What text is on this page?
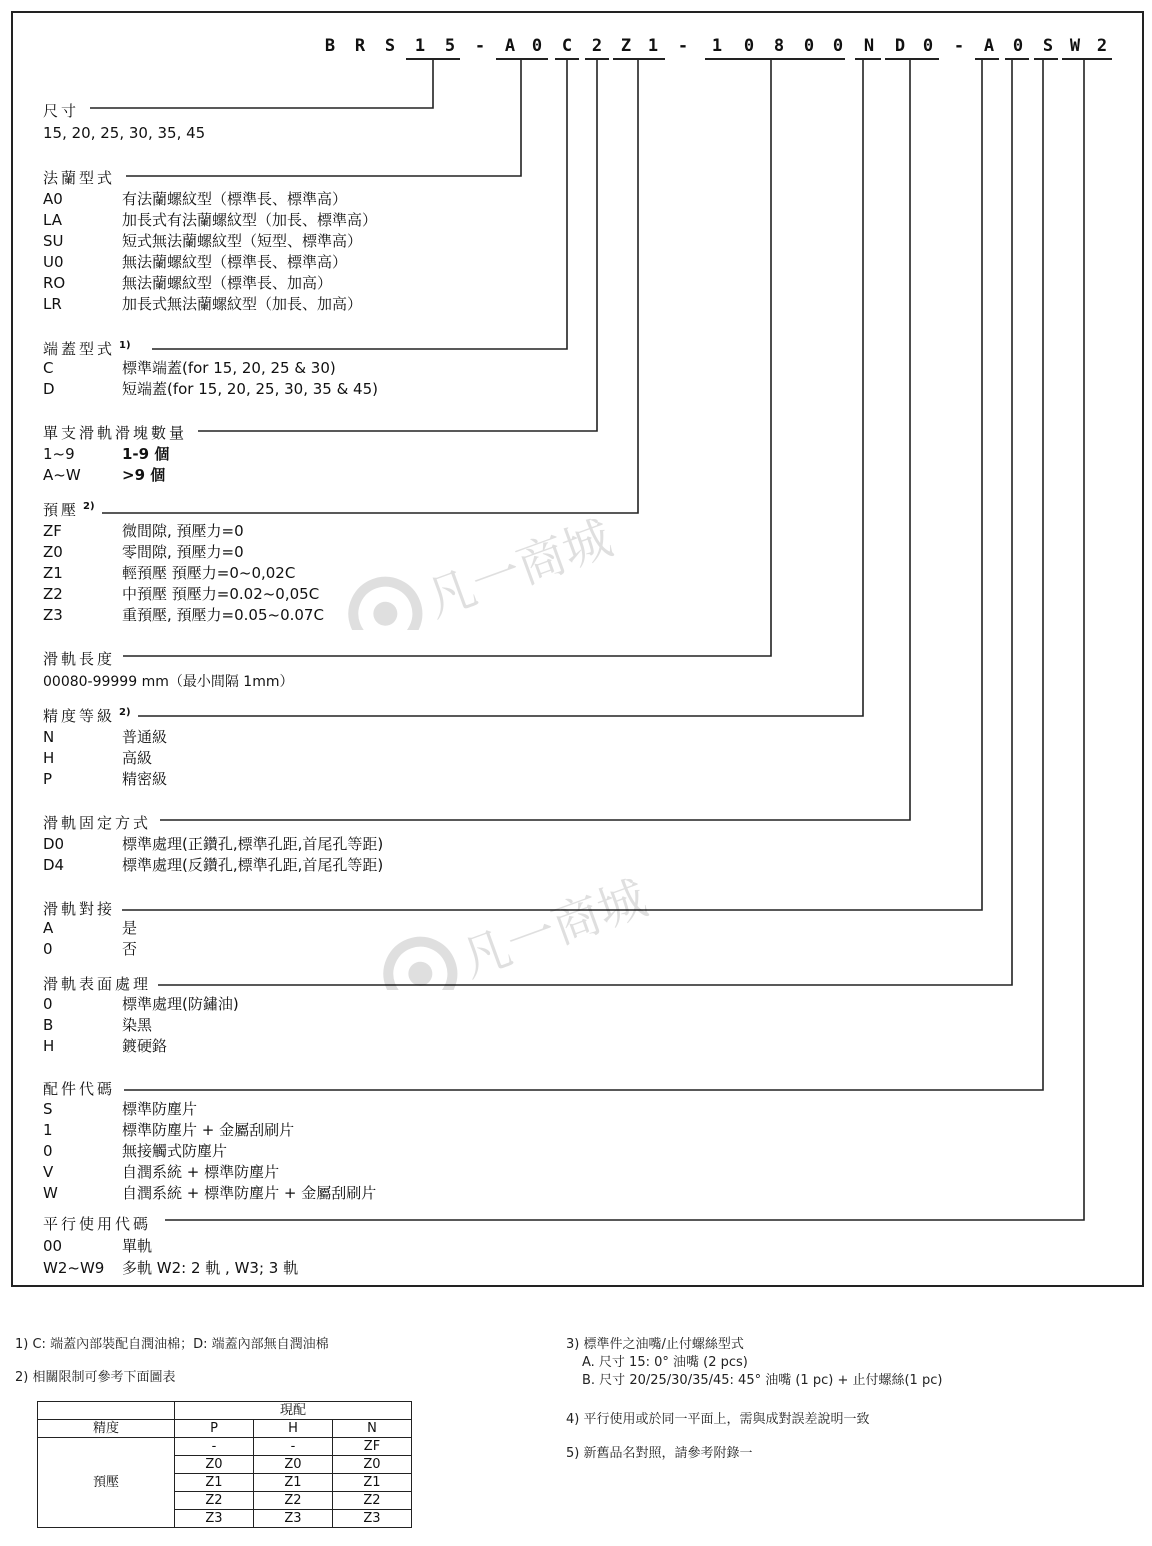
B	R	S	1	5	-	A 0	C	2	Z 1	-	1	0	8	0	0	N	D	0	-	A	0	S W 2
尺寸
15, 20, 25, 30, 35, 45
法蘭型式
A0	有法蘭螺紋型（標準長、標準高）
LA	加長式有法蘭螺紋型（加長、標準高）
SU	短式無法蘭螺紋型（短型、標準高）
U0	無法蘭螺紋型（標準長、標準高）
RO	無法蘭螺紋型（標準長、加高）
LR	加長式無法蘭螺紋型（加長、加高）
端蓋型式 $^{1)}$
C	標準端蓋(for 15, 20, 25 & 30)
D	短端蓋(for 15, 20, 25, 30, 35 & 45)
單支滑軌滑塊數量
1~9	1-9 個
A~W	>9 個
預壓 $^{2)}$
ZF	微間隙, 預壓力=0
Z0	零間隙, 預壓力=0
Z1	輕預壓 預壓力=0~0,02C
Z2	中預壓 預壓力=0.02~0,05C
Z3	重預壓, 預壓力=0.05~0.07C
滑軌長度
00080-99999 mm（最小間隔 1mm）
精度等級 $^{2)}$
N	普通級
H	高級
P	精密級
滑軌固定方式
D0	標準處理(正鑽孔,標準孔距,首尾孔等距)
D4	標準處理(反鑽孔,標準孔距,首尾孔等距)
滑軌對接
A	是
0	否
滑軌表面處理
0	標準處理(防鏽油)
B	染黑
H	鍍硬鉻
配件代碼
S	標準防塵片
1	標準防塵片 + 金屬刮刷片
0	無接觸式防塵片
V	自潤系統 + 標準防塵片
W	自潤系統 + 標準防塵片 + 金屬刮刷片
平行使用代碼
00	單軌
W2~W9 多軌 W2: 2 軌 , W3; 3 軌
凡一商城
凡一商城
1) C: 端蓋內部裝配自潤油棉；D: 端蓋內部無自潤油棉
2) 相關限制可參考下面圖表
3) 標準件之油嘴/止付螺絲型式
A. 尺寸 15: 0° 油嘴 (2 pcs)
B. 尺寸 20/25/30/35/45: 45° 油嘴 (1 pc) + 止付螺絲(1 pc)
4) 平行使用或於同一平面上，需與成對誤差說明一致
5) 新舊品名對照，請參考附錄一
	現配		
精度	P	H	N
預壓	-	-	ZF
	Z0	Z0	Z0
	Z1	Z1	Z1
	Z2	Z2	Z2
	Z3	Z3	Z3
